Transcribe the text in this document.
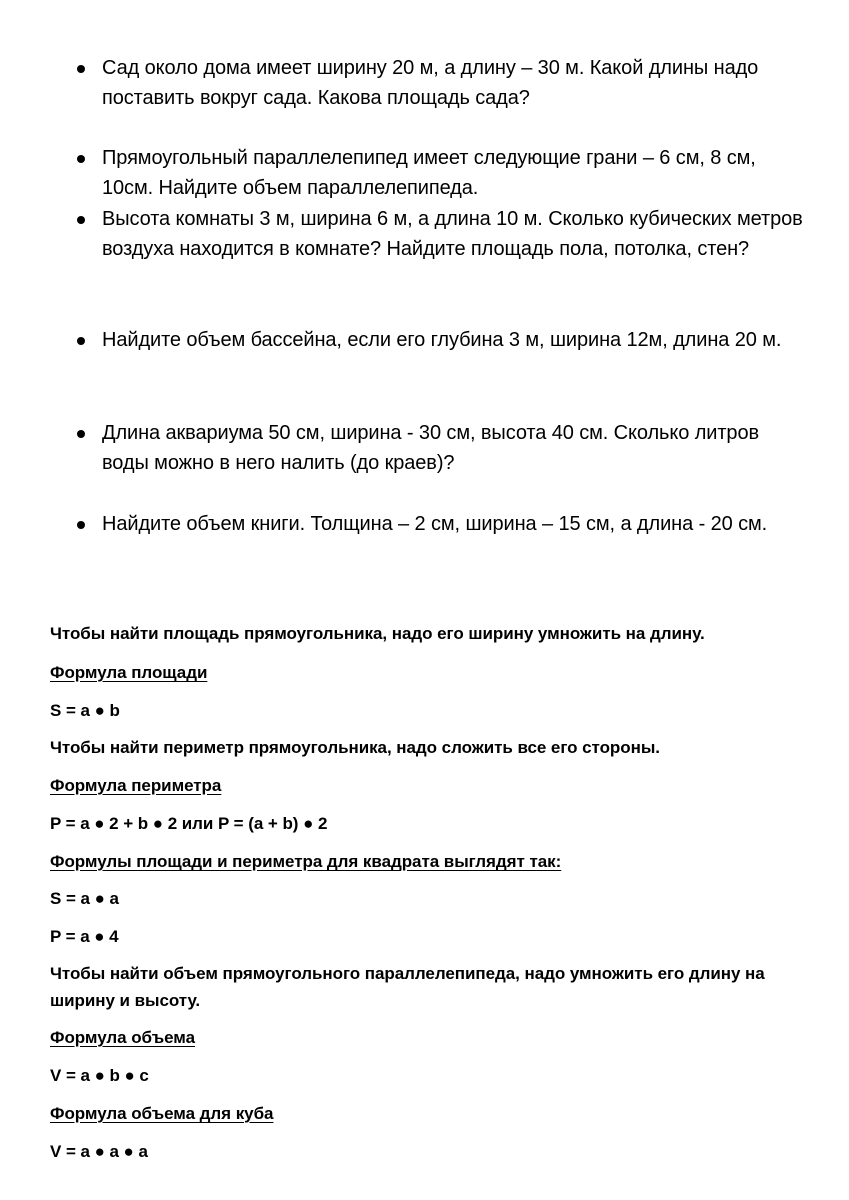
Сад около дома имеет ширину 20 м, а длину – 30 м. Какой длины надо поставить вокруг сада. Какова площадь сада?
Прямоугольный параллелепипед имеет следующие грани – 6 см, 8 см, 10см. Найдите объем параллелепипеда.
Высота комнаты 3 м, ширина 6 м, а длина 10 м. Сколько кубических метров воздуха находится в комнате? Найдите площадь пола, потолка, стен?
Найдите объем бассейна, если его глубина 3 м, ширина 12м, длина 20 м.
Длина аквариума 50 см, ширина - 30 см, высота 40 см. Сколько литров воды можно в него налить (до краев)?
Найдите объем книги. Толщина – 2 см, ширина – 15 см, а длина - 20 см.
Чтобы найти площадь прямоугольника, надо его ширину умножить на длину.
Формула площади
S = a ● b
Чтобы найти периметр прямоугольника, надо сложить все его стороны.
Формула периметра
P = a ● 2 + b ● 2 или P = (a + b) ● 2
Формулы площади и периметра для квадрата выглядят так:
S = a ● a
P = a ● 4
Чтобы найти объем прямоугольного параллелепипеда, надо умножить его длину на ширину и высоту.
Формула объема
V = a ● b ● c
Формула объема для куба
V = a ● a ● a
